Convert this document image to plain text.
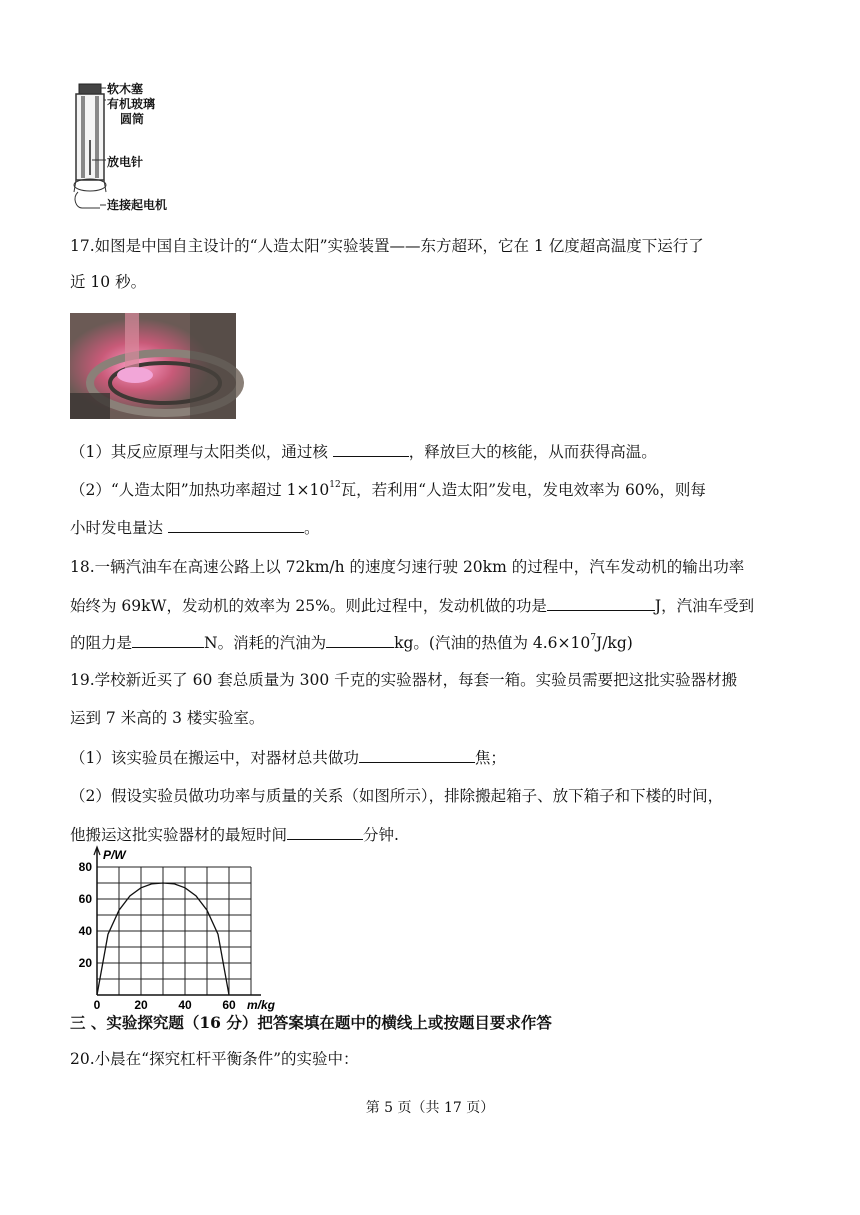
软木塞
有机玻璃
圆筒
放电针
连接起电机
17.如图是中国自主设计的“人造太阳”实验装置——东方超环，它在 1 亿度超高温度下运行了
近 10 秒。
（1）其反应原理与太阳类似，通过核	，释放巨大的核能，从而获得高温。
（2）“人造太阳”加热功率超过 $1\times 10^{12}$瓦，若利用“人造太阳”发电，发电效率为 60%，则每
小时发电量达	。
18.一辆汽油车在高速公路上以 72km/h 的速度匀速行驶 20km 的过程中，汽车发动机的输出功率
始终为 69kW，发动机的效率为 25%。则此过程中，发动机做的功是	J，汽油车受到
的阻力是	N。消耗的汽油为	kg。(汽油的热值为 $4.6\times 10^7J/kg$)
19.学校新近买了 60 套总质量为 300 千克的实验器材，每套一箱。实验员需要把这批实验器材搬
运到 7 米高的 3 楼实验室。
（1）该实验员在搬运中，对器材总共做功	焦；
（2）假设实验员做功功率与质量的关系（如图所示），排除搬起箱子、放下箱子和下楼的时间，
他搬运这批实验器材的最短时间	分钟.
20
40
60
80
0	20	40	60
P/W
m/kg
三 、实验探究题（16 分）把答案填在题中的横线上或按题目要求作答
20.小晨在“探究杠杆平衡条件”的实验中：
第 5 页（共 17 页）
